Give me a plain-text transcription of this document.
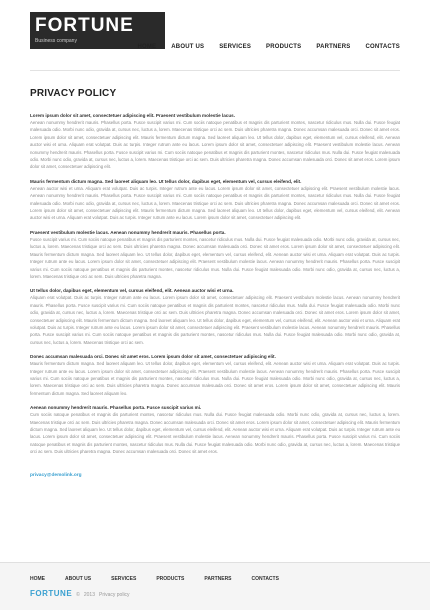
FORTUNE
Business company
HOME	ABOUT US	SERVICES	PRODUCTS	PARTNERS	CONTACTS
PRIVACY POLICY
Lorem ipsum dolor sit amet, consectetuer adipiscing elit. Praesent vestibulum molestie lacus.
Aenean nonummy hendrerit mauris. Phasellus porta. Fusce suscipit varius mi. Cum sociis natoque penatibus et magnis dis parturient montes, nascetur ridiculus mus. Nulla dui. Fusce feugiat malesuada odio. Morbi nunc odio, gravida at, cursus nec, luctus a, lorem. Maecenas tristique orci ac sem. Duis ultricies pharetra magna. Donec accumsan malesuada orci. Donec sit amet eros. Lorem ipsum dolor sit amet, consectetuer adipiscing elit. Mauris fermentum dictum magna. Sed laoreet aliquam leo. Ut tellus dolor, dapibus eget, elementum vel, cursus eleifend, elit. Aenean auctor wisi et urna. Aliquam erat volutpat. Duis ac turpis. Integer rutrum ante eu lacus. Lorem ipsum dolor sit amet, consectetuer adipiscing elit. Praesent vestibulum molestie lacus. Aenean nonummy hendrerit mauris. Phasellus porta. Fusce suscipit varius mi. Cum sociis natoque penatibus et magnis dis parturient montes, nascetur ridiculus mus. Nulla dui. Fusce feugiat malesuada odio. Morbi nunc odio, gravida at, cursus nec, luctus a, lorem. Maecenas tristique orci ac sem. Duis ultricies pharetra magna. Donec accumsan malesuada orci. Donec sit amet eros. Lorem ipsum dolor sit amet, consectetuer adipiscing elit.
Mauris fermentum dictum magna. Sed laoreet aliquam leo. Ut tellus dolor, dapibus eget, elementum vel, cursus eleifend, elit.
Aenean auctor wisi et urna. Aliquam erat volutpat. Duis ac turpis. Integer rutrum ante eu lacus. Lorem ipsum dolor sit amet, consectetuer adipiscing elit. Praesent vestibulum molestie lacus. Aenean nonummy hendrerit mauris. Phasellus porta. Fusce suscipit varius mi. Cum sociis natoque penatibus et magnis dis parturient montes, nascetur ridiculus mus. Nulla dui. Fusce feugiat malesuada odio. Morbi nunc odio, gravida at, cursus nec, luctus a, lorem. Maecenas tristique orci ac sem. Duis ultricies pharetra magna. Donec accumsan malesuada orci. Donec sit amet eros. Lorem ipsum dolor sit amet, consectetuer adipiscing elit. Mauris fermentum dictum magna. Sed laoreet aliquam leo. Ut tellus dolor, dapibus eget, elementum vel, cursus eleifend, elit. Aenean auctor wisi et urna. Aliquam erat volutpat. Duis ac turpis. Integer rutrum ante eu lacus. Lorem ipsum dolor sit amet, consectetuer adipiscing elit.
Praesent vestibulum molestie lacus. Aenean nonummy hendrerit mauris. Phasellus porta.
Fusce suscipit varius mi. Cum sociis natoque penatibus et magnis dis parturient montes, nascetur ridiculus mus. Nulla dui. Fusce feugiat malesuada odio. Morbi nunc odio, gravida at, cursus nec, luctus a, lorem. Maecenas tristique orci ac sem. Duis ultricies pharetra magna. Donec accumsan malesuada orci. Donec sit amet eros. Lorem ipsum dolor sit amet, consectetuer adipiscing elit. Mauris fermentum dictum magna. Sed laoreet aliquam leo. Ut tellus dolor, dapibus eget, elementum vel, cursus eleifend, elit. Aenean auctor wisi et urna. Aliquam erat volutpat. Duis ac turpis. Integer rutrum ante eu lacus. Lorem ipsum dolor sit amet, consectetuer adipiscing elit. Praesent vestibulum molestie lacus. Aenean nonummy hendrerit mauris. Phasellus porta. Fusce suscipit varius mi. Cum sociis natoque penatibus et magnis dis parturient montes, nascetur ridiculus mus. Nulla dui. Fusce feugiat malesuada odio. Morbi nunc odio, gravida at, cursus nec, luctus a, lorem. Maecenas tristique orci ac sem. Duis ultricies pharetra magna.
Ut tellus dolor, dapibus eget, elementum vel, cursus eleifend, elit. Aenean auctor wisi et urna.
Aliquam erat volutpat. Duis ac turpis. Integer rutrum ante eu lacus. Lorem ipsum dolor sit amet, consectetuer adipiscing elit. Praesent vestibulum molestie lacus. Aenean nonummy hendrerit mauris. Phasellus porta. Fusce suscipit varius mi. Cum sociis natoque penatibus et magnis dis parturient montes, nascetur ridiculus mus. Nulla dui. Fusce feugiat malesuada odio. Morbi nunc odio, gravida at, cursus nec, luctus a, lorem. Maecenas tristique orci ac sem. Duis ultricies pharetra magna. Donec accumsan malesuada orci. Donec sit amet eros. Lorem ipsum dolor sit amet, consectetuer adipiscing elit. Mauris fermentum dictum magna. Sed laoreet aliquam leo. Ut tellus dolor, dapibus eget, elementum vel, cursus eleifend, elit. Aenean auctor wisi et urna. Aliquam erat volutpat. Duis ac turpis. Integer rutrum ante eu lacus. Lorem ipsum dolor sit amet, consectetuer adipiscing elit. Praesent vestibulum molestie lacus. Aenean nonummy hendrerit mauris. Phasellus porta. Fusce suscipit varius mi. Cum sociis natoque penatibus et magnis dis parturient montes, nascetur ridiculus mus. Nulla dui. Fusce feugiat malesuada odio. Morbi nunc odio, gravida at, cursus nec, luctus a, lorem. Maecenas tristique orci ac sem.
Donec accumsan malesuada orci. Donec sit amet eros. Lorem ipsum dolor sit amet, consectetuer adipiscing elit.
Mauris fermentum dictum magna. Sed laoreet aliquam leo. Ut tellus dolor, dapibus eget, elementum vel, cursus eleifend, elit. Aenean auctor wisi et urna. Aliquam erat volutpat. Duis ac turpis. Integer rutrum ante eu lacus. Lorem ipsum dolor sit amet, consectetuer adipiscing elit. Praesent vestibulum molestie lacus. Aenean nonummy hendrerit mauris. Phasellus porta. Fusce suscipit varius mi. Cum sociis natoque penatibus et magnis dis parturient montes, nascetur ridiculus mus. Nulla dui. Fusce feugiat malesuada odio. Morbi nunc odio, gravida at, cursus nec, luctus a, lorem. Maecenas tristique orci ac sem. Duis ultricies pharetra magna. Donec accumsan malesuada orci. Donec sit amet eros. Lorem ipsum dolor sit amet, consectetuer adipiscing elit. Mauris fermentum dictum magna. Sed laoreet aliquam leo.
Aenean nonummy hendrerit mauris. Phasellus porta. Fusce suscipit varius mi.
Cum sociis natoque penatibus et magnis dis parturient montes, nascetur ridiculus mus. Nulla dui. Fusce feugiat malesuada odio. Morbi nunc odio, gravida at, cursus nec, luctus a, lorem. Maecenas tristique orci ac sem. Duis ultricies pharetra magna. Donec accumsan malesuada orci. Donec sit amet eros. Lorem ipsum dolor sit amet, consectetuer adipiscing elit. Mauris fermentum dictum magna. Sed laoreet aliquam leo. Ut tellus dolor, dapibus eget, elementum vel, cursus eleifend, elit. Aenean auctor wisi et urna. Aliquam erat volutpat. Duis ac turpis. Integer rutrum ante eu lacus. Lorem ipsum dolor sit amet, consectetuer adipiscing elit. Praesent vestibulum molestie lacus. Aenean nonummy hendrerit mauris. Phasellus porta. Fusce suscipit varius mi. Cum sociis natoque penatibus et magnis dis parturient montes, nascetur ridiculus mus. Nulla dui. Fusce feugiat malesuada odio. Morbi nunc odio, gravida at, cursus nec, luctus a, lorem. Maecenas tristique orci ac sem. Duis ultricies pharetra magna. Donec accumsan malesuada orci. Donec sit amet eros.
privacy@demolink.org
HOME	ABOUT US	SERVICES	PRODUCTS	PARTNERS	CONTACTS
FORTUNE © 2013 Privacy policy
